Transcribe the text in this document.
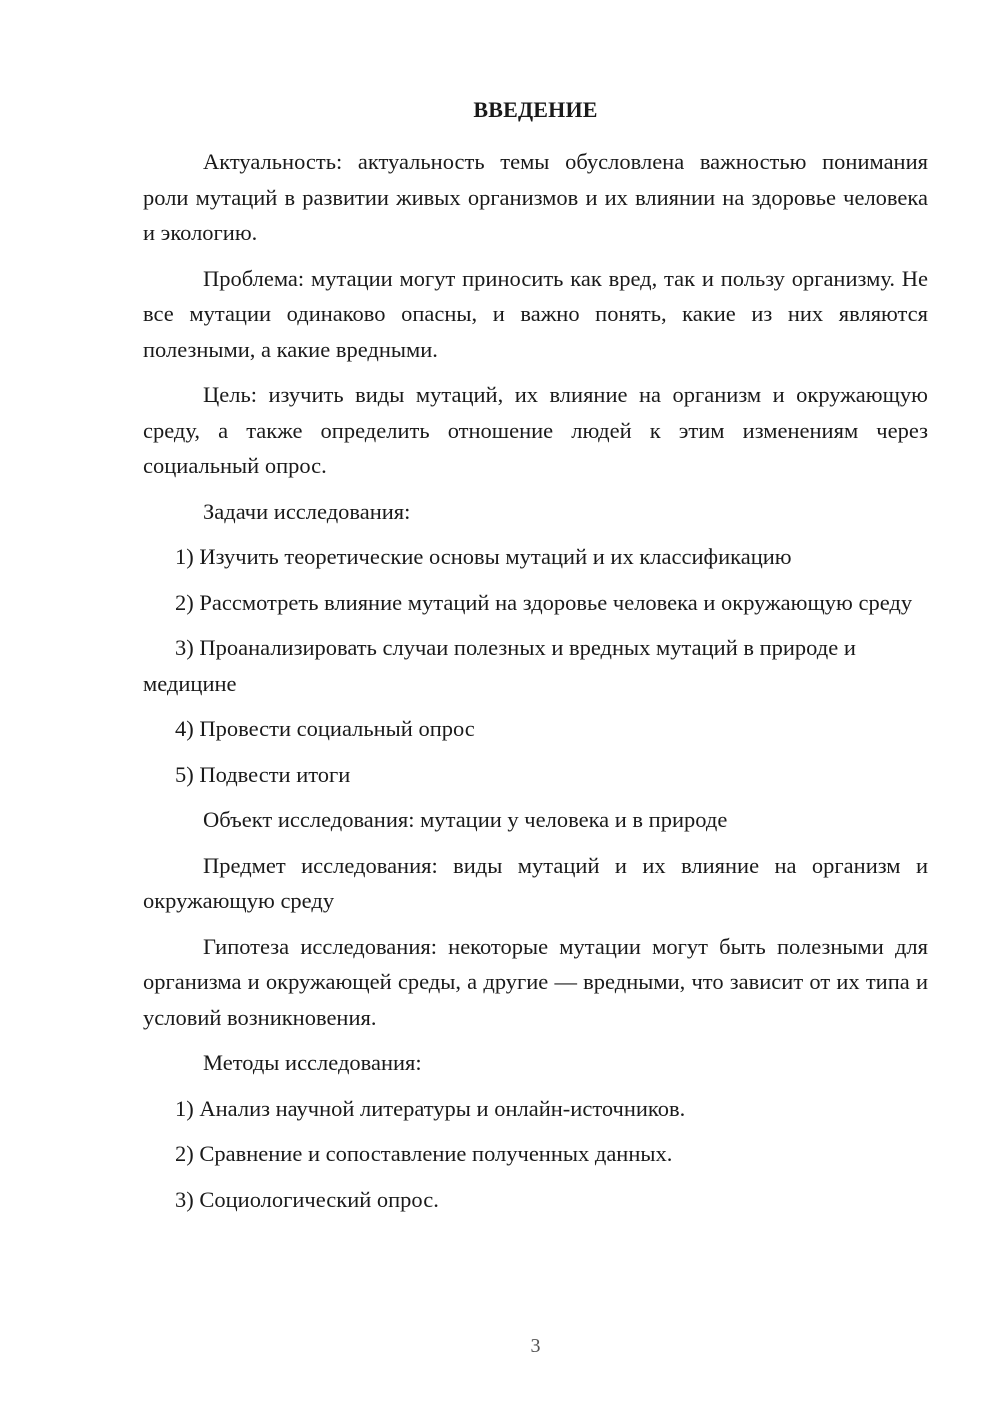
ВВЕДЕНИЕ

Актуальность: актуальность темы обусловлена важностью понимания роли мутаций в развитии живых организмов и их влиянии на здоровье человека и экологию.

Проблема: мутации могут приносить как вред, так и пользу организму. Не все мутации одинаково опасны, и важно понять, какие из них являются полезными, а какие вредными.

Цель: изучить виды мутаций, их влияние на организм и окружающую среду, а также определить отношение людей к этим изменениям через социальный опрос.

Задачи исследования:

1) Изучить теоретические основы мутаций и их классификацию

2) Рассмотреть влияние мутаций на здоровье человека и окружающую среду

3) Проанализировать случаи полезных и вредных мутаций в природе и медицине

4) Провести социальный опрос

5) Подвести итоги

Объект исследования: мутации у человека и в природе

Предмет исследования: виды мутаций и их влияние на организм и окружающую среду

Гипотеза исследования: некоторые мутации могут быть полезными для организма и окружающей среды, а другие — вредными, что зависит от их типа и условий возникновения.

Методы исследования:

1) Анализ научной литературы и онлайн-источников.

2) Сравнение и сопоставление полученных данных.

3) Социологический опрос.

3
